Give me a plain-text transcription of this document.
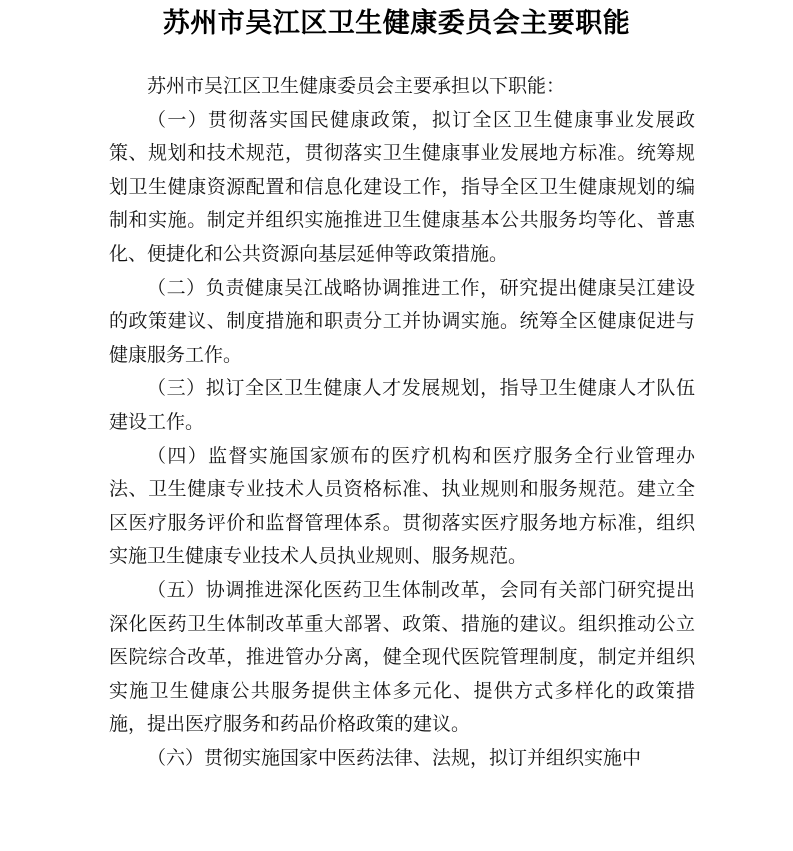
苏州市吴江区卫生健康委员会主要职能

苏州市吴江区卫生健康委员会主要承担以下职能：

（一）贯彻落实国民健康政策，拟订全区卫生健康事业发展政策、规划和技术规范，贯彻落实卫生健康事业发展地方标准。统筹规划卫生健康资源配置和信息化建设工作，指导全区卫生健康规划的编制和实施。制定并组织实施推进卫生健康基本公共服务均等化、普惠化、便捷化和公共资源向基层延伸等政策措施。

（二）负责健康吴江战略协调推进工作，研究提出健康吴江建设的政策建议、制度措施和职责分工并协调实施。统筹全区健康促进与健康服务工作。

（三）拟订全区卫生健康人才发展规划，指导卫生健康人才队伍建设工作。

（四）监督实施国家颁布的医疗机构和医疗服务全行业管理办法、卫生健康专业技术人员资格标准、执业规则和服务规范。建立全区医疗服务评价和监督管理体系。贯彻落实医疗服务地方标准，组织实施卫生健康专业技术人员执业规则、服务规范。

（五）协调推进深化医药卫生体制改革，会同有关部门研究提出深化医药卫生体制改革重大部署、政策、措施的建议。组织推动公立医院综合改革，推进管办分离，健全现代医院管理制度，制定并组织实施卫生健康公共服务提供主体多元化、提供方式多样化的政策措施，提出医疗服务和药品价格政策的建议。

（六）贯彻实施国家中医药法律、法规，拟订并组织实施中
